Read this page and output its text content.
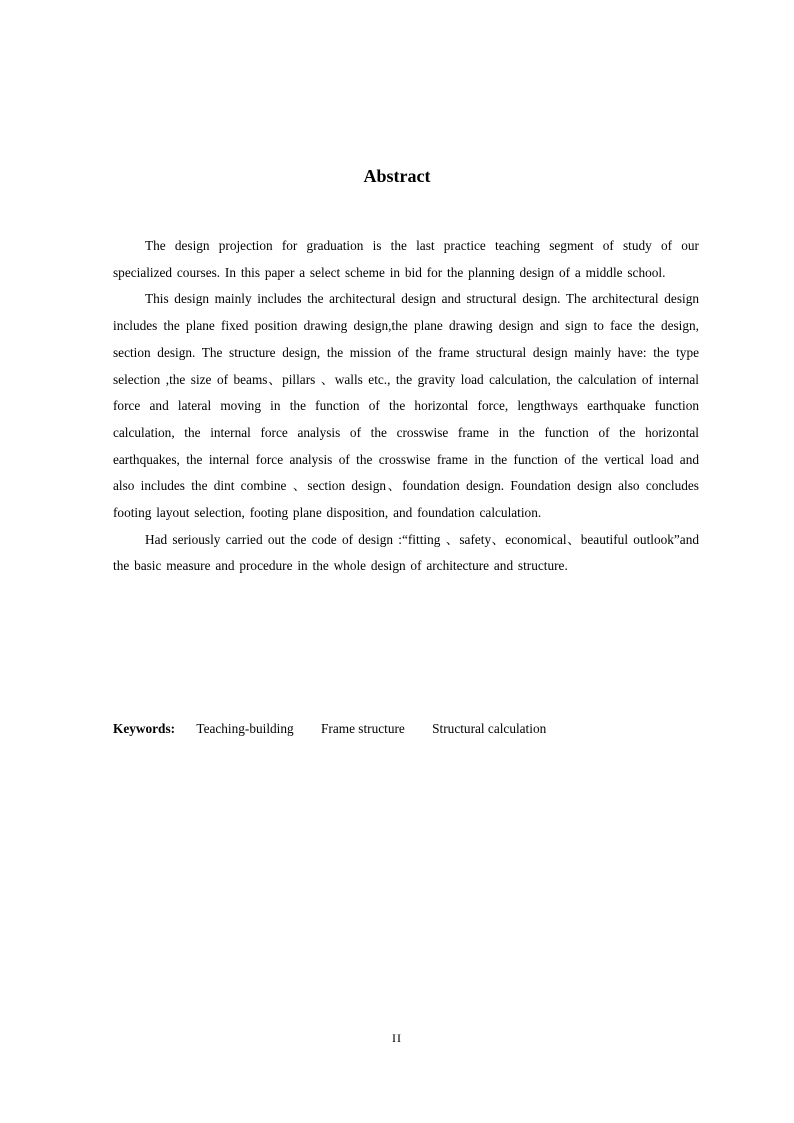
Abstract

The design projection for graduation is the last practice teaching segment of study of our specialized courses. In this paper a select scheme in bid for the planning design of a middle school.

This design mainly includes the architectural design and structural design. The architectural design includes the plane fixed position drawing design,the plane drawing design and sign to face the design, section design. The structure design, the mission of the frame structural design mainly have: the type selection ,the size of beams、pillars 、walls etc., the gravity load calculation, the calculation of internal force and lateral moving in the function of the horizontal force, lengthways earthquake function calculation, the internal force analysis of the crosswise frame in the function of the horizontal earthquakes, the internal force analysis of the crosswise frame in the function of the vertical load and also includes the dint combine 、section design、foundation design. Foundation design also concludes footing layout selection, footing plane disposition, and foundation calculation.

Had seriously carried out the code of design :“fitting 、safety、economical、beautiful outlook”and the basic measure and procedure in the whole design of architecture and structure.

Keywords: Teaching-building Frame structure Structural calculation
II
